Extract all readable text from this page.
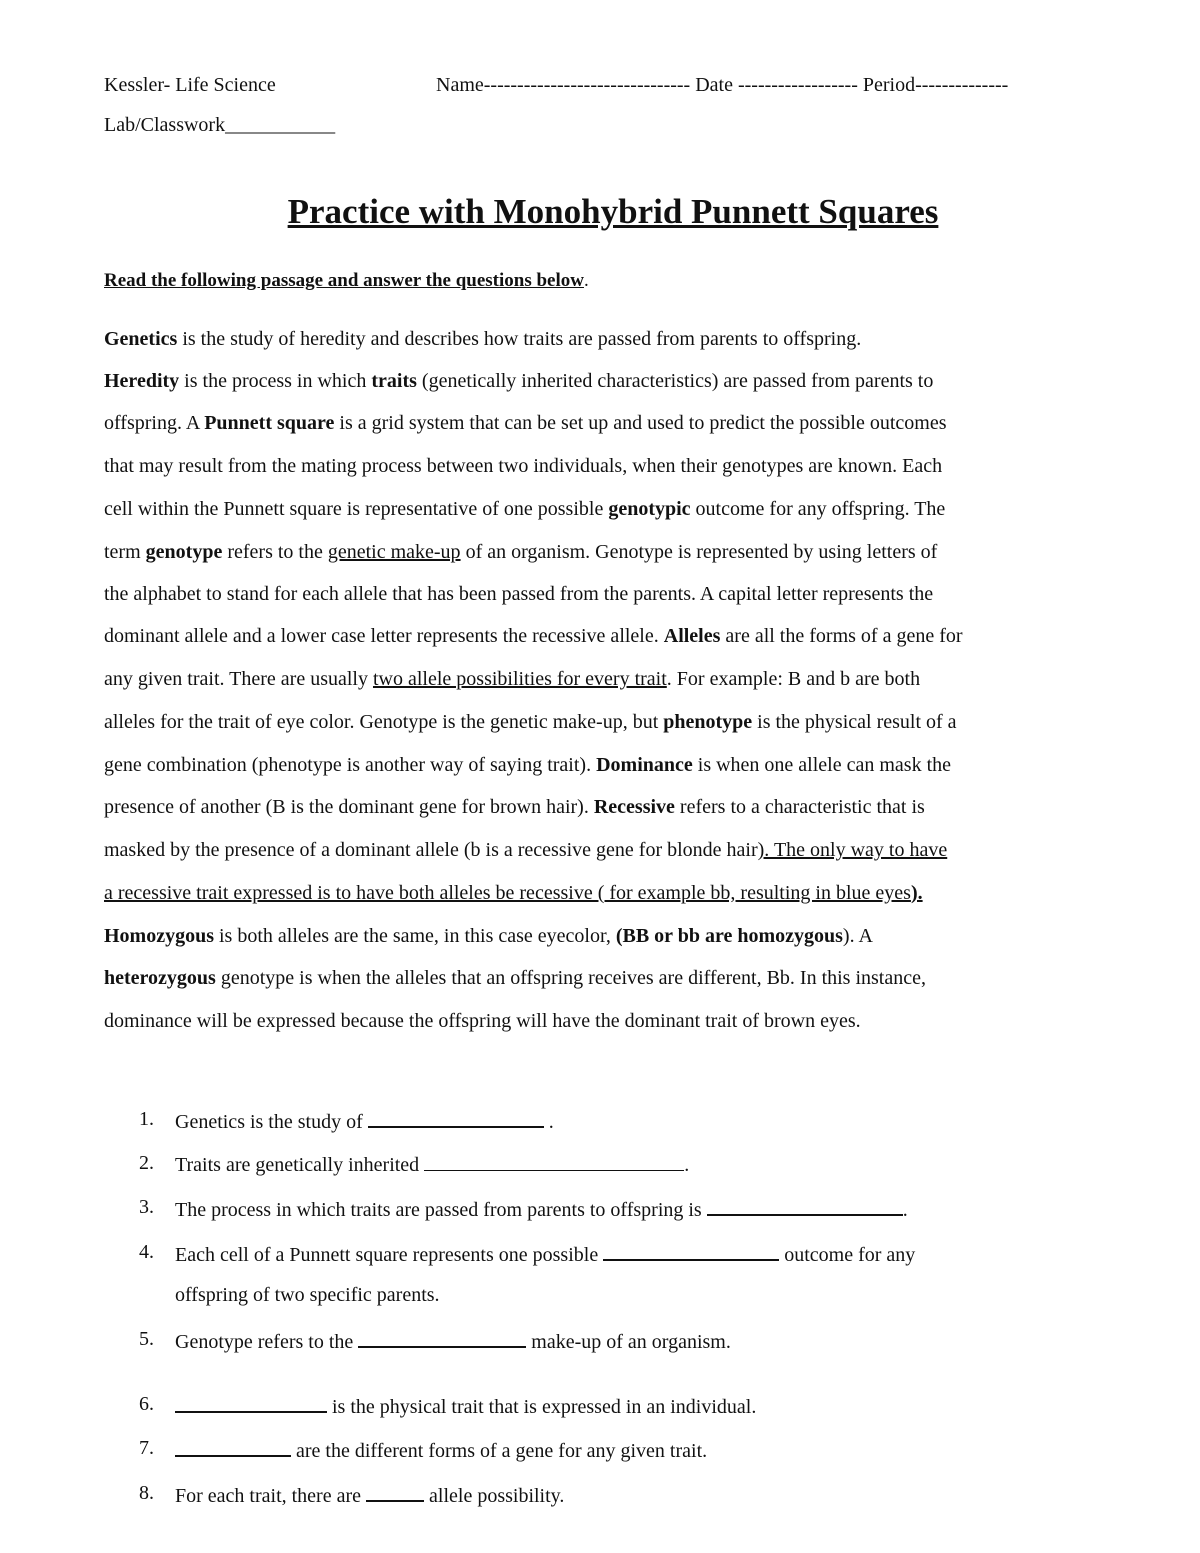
Kessler- Life Science	Name------------------------------- Date ------------------ Period--------------
Lab/Classwork___________
Practice with Monohybrid Punnett Squares
Read the following passage and answer the questions below.
Genetics is the study of heredity and describes how traits are passed from parents to offspring.
Heredity is the process in which traits (genetically inherited characteristics) are passed from parents to
offspring. A Punnett square is a grid system that can be set up and used to predict the possible outcomes
that may result from the mating process between two individuals, when their genotypes are known. Each
cell within the Punnett square is representative of one possible genotypic outcome for any offspring. The
term genotype refers to the genetic make-up of an organism. Genotype is represented by using letters of
the alphabet to stand for each allele that has been passed from the parents. A capital letter represents the
dominant allele and a lower case letter represents the recessive allele. Alleles are all the forms of a gene for
any given trait. There are usually two allele possibilities for every trait. For example: B and b are both
alleles for the trait of eye color. Genotype is the genetic make-up, but phenotype is the physical result of a
gene combination (phenotype is another way of saying trait). Dominance is when one allele can mask the
presence of another (B is the dominant gene for brown hair). Recessive refers to a characteristic that is
masked by the presence of a dominant allele (b is a recessive gene for blonde hair). The only way to have
a recessive trait expressed is to have both alleles be recessive ( for example bb, resulting in blue eyes).
Homozygous is both alleles are the same, in this case eyecolor, (BB or bb are homozygous). A
heterozygous genotype is when the alleles that an offspring receives are different, Bb. In this instance,
dominance will be expressed because the offspring will have the dominant trait of brown eyes.
1. Genetics is the study of	.
2. Traits are genetically inherited	.
3. The process in which traits are passed from parents to offspring is	.
4. Each cell of a Punnett square represents one possible	outcome for any
offspring of two specific parents.
5. Genotype refers to the	make-up of an organism.
6.	is the physical trait that is expressed in an individual.
7.	are the different forms of a gene for any given trait.
8. For each trait, there are	allele possibility.
